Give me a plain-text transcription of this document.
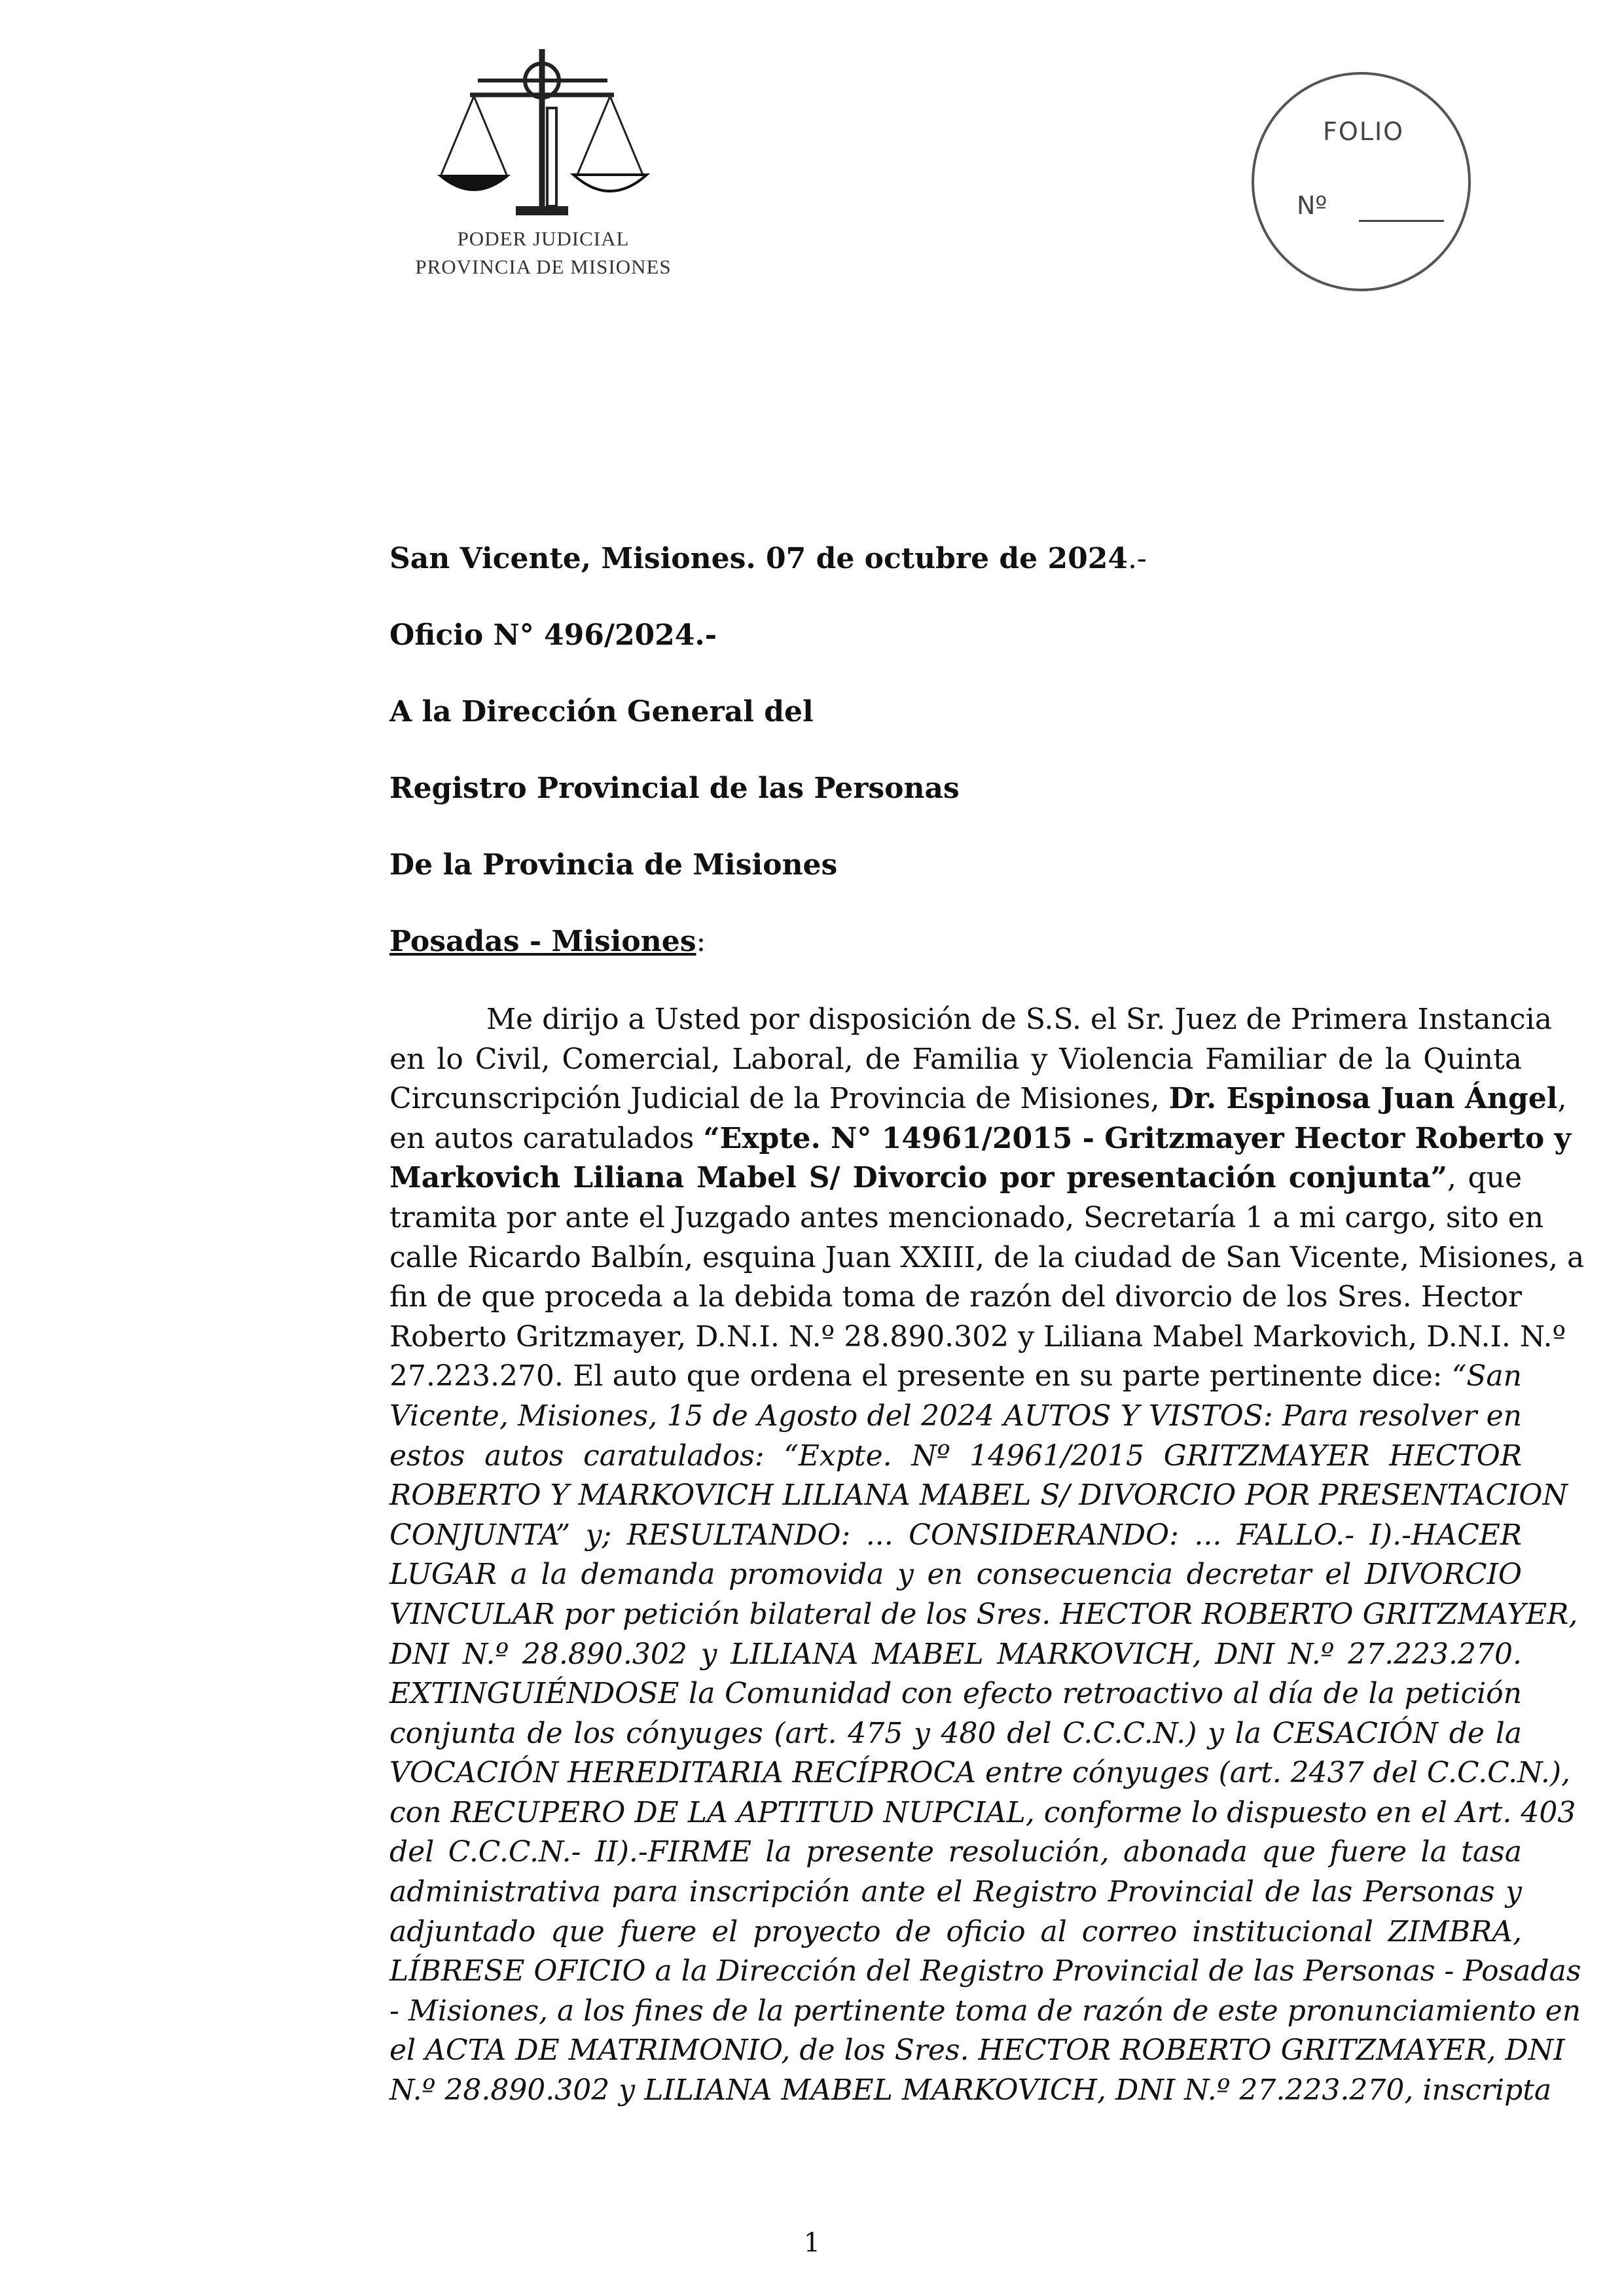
PODER JUDICIAL
PROVINCIA DE MISIONES
FOLIO
Nº
San Vicente, Misiones. 07 de octubre de 2024.-
Oficio N° 496/2024.-
A la Dirección General del
Registro Provincial de las Personas
De la Provincia de Misiones
Posadas - Misiones:
Me dirijo a Usted por disposición de S.S. el Sr. Juez de Primera Instancia
en lo Civil, Comercial, Laboral, de Familia y Violencia Familiar de la Quinta
Circunscripción Judicial de la Provincia de Misiones, Dr. Espinosa Juan Ángel,
en autos caratulados “Expte. N° 14961/2015 - Gritzmayer Hector Roberto y
Markovich Liliana Mabel S/ Divorcio por presentación conjunta”, que
tramita por ante el Juzgado antes mencionado, Secretaría 1 a mi cargo, sito en
calle Ricardo Balbín, esquina Juan XXIII, de la ciudad de San Vicente, Misiones, a
fin de que proceda a la debida toma de razón del divorcio de los Sres. Hector
Roberto Gritzmayer, D.N.I. N.º 28.890.302 y Liliana Mabel Markovich, D.N.I. N.º
27.223.270. El auto que ordena el presente en su parte pertinente dice: “San
Vicente, Misiones, 15 de Agosto del 2024 AUTOS Y VISTOS: Para resolver en
estos autos caratulados: “Expte. Nº 14961/2015 GRITZMAYER HECTOR
ROBERTO Y MARKOVICH LILIANA MABEL S/ DIVORCIO POR PRESENTACION
CONJUNTA” y; RESULTANDO: ... CONSIDERANDO: ... FALLO.- I).-HACER
LUGAR a la demanda promovida y en consecuencia decretar el DIVORCIO
VINCULAR por petición bilateral de los Sres. HECTOR ROBERTO GRITZMAYER,
DNI N.º 28.890.302 y LILIANA MABEL MARKOVICH, DNI N.º 27.223.270.
EXTINGUIÉNDOSE la Comunidad con efecto retroactivo al día de la petición
conjunta de los cónyuges (art. 475 y 480 del C.C.C.N.) y la CESACIÓN de la
VOCACIÓN HEREDITARIA RECÍPROCA entre cónyuges (art. 2437 del C.C.C.N.),
con RECUPERO DE LA APTITUD NUPCIAL, conforme lo dispuesto en el Art. 403
del C.C.C.N.- II).-FIRME la presente resolución, abonada que fuere la tasa
administrativa para inscripción ante el Registro Provincial de las Personas y
adjuntado que fuere el proyecto de oficio al correo institucional ZIMBRA,
LÍBRESE OFICIO a la Dirección del Registro Provincial de las Personas - Posadas
- Misiones, a los fines de la pertinente toma de razón de este pronunciamiento en
el ACTA DE MATRIMONIO, de los Sres. HECTOR ROBERTO GRITZMAYER, DNI
N.º 28.890.302 y LILIANA MABEL MARKOVICH, DNI N.º 27.223.270, inscripta
1
